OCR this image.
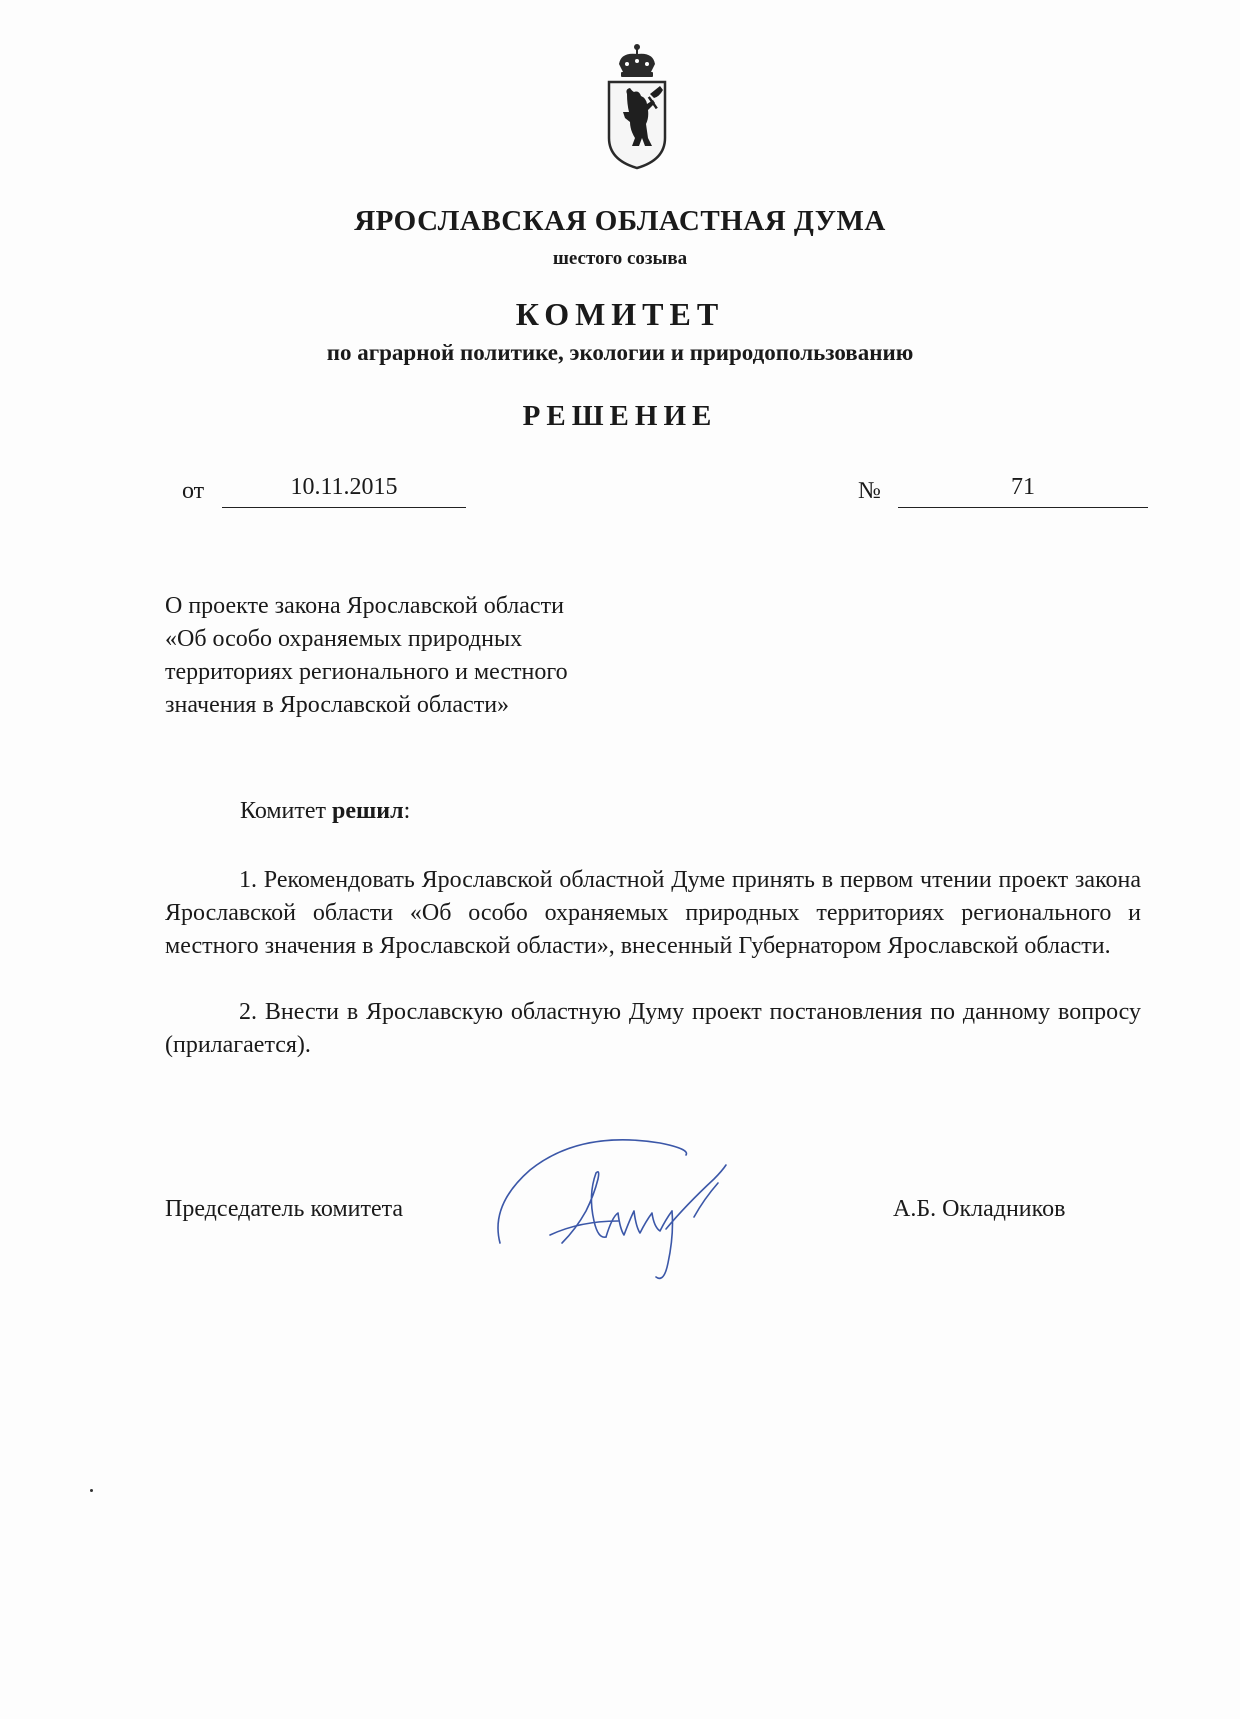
ЯРОСЛАВСКАЯ ОБЛАСТНАЯ ДУМА

шестого созыва

КОМИТЕТ

по аграрной политике, экологии и природопользованию

РЕШЕНИЕ

от	10.11.2015	№	71
О проекте закона Ярославской области
«Об особо охраняемых природных
территориях регионального и местного
значения в Ярославской области»

Комитет решил:

1. Рекомендовать Ярославской областной Думе принять в первом чтении проект закона Ярославской области «Об особо охраняемых природных территориях регионального и местного значения в Ярославской области», внесенный Губернатором Ярославской области.

2. Внести в Ярославскую областную Думу проект постановления по данному вопросу (прилагается).

Председатель комитета	А.Б. Окладников
